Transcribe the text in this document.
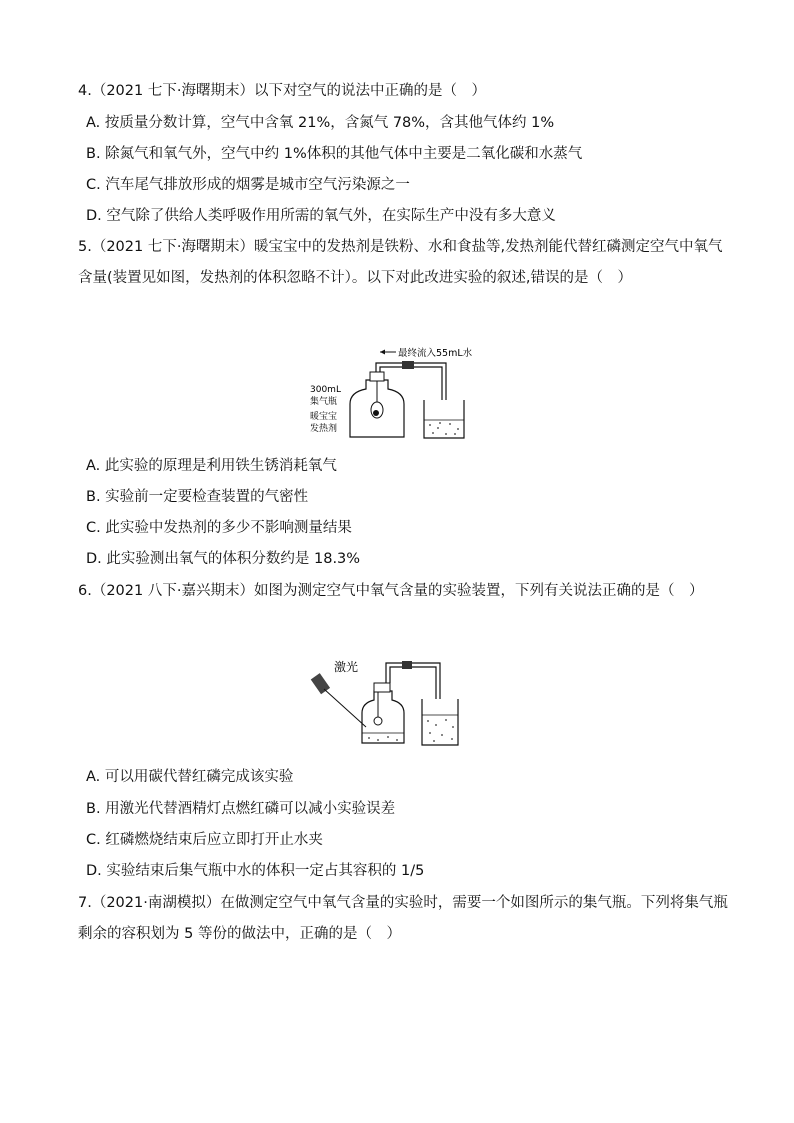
4.（2021 七下·海曙期末）以下对空气的说法中正确的是（　）
A. 按质量分数计算，空气中含氧 21%，含氮气 78%，含其他气体约 1%
B. 除氮气和氧气外，空气中约 1%体积的其他气体中主要是二氧化碳和水蒸气
C. 汽车尾气排放形成的烟雾是城市空气污染源之一
D. 空气除了供给人类呼吸作用所需的氧气外，在实际生产中没有多大意义
5.（2021 七下·海曙期末）暖宝宝中的发热剂是铁粉、水和食盐等,发热剂能代替红磷测定空气中氧气含量(装置见如图，发热剂的体积忽略不计）。以下对此改进实验的叙述,错误的是（　）
最终流入55mL水
300mL
集气瓶
暖宝宝
发热剂
A. 此实验的原理是利用铁生锈消耗氧气
B. 实验前一定要检查装置的气密性
C. 此实验中发热剂的多少不影响测量结果
D. 此实验测出氧气的体积分数约是 18.3%
6.（2021 八下·嘉兴期末）如图为测定空气中氧气含量的实验装置，下列有关说法正确的是（　）
激光
A. 可以用碳代替红磷完成该实验
B. 用激光代替酒精灯点燃红磷可以减小实验误差
C. 红磷燃烧结束后应立即打开止水夹
D. 实验结束后集气瓶中水的体积一定占其容积的 1/5
7.（2021·南湖模拟）在做测定空气中氧气含量的实验时，需要一个如图所示的集气瓶。下列将集气瓶剩余的容积划为 5 等份的做法中，正确的是（　）
